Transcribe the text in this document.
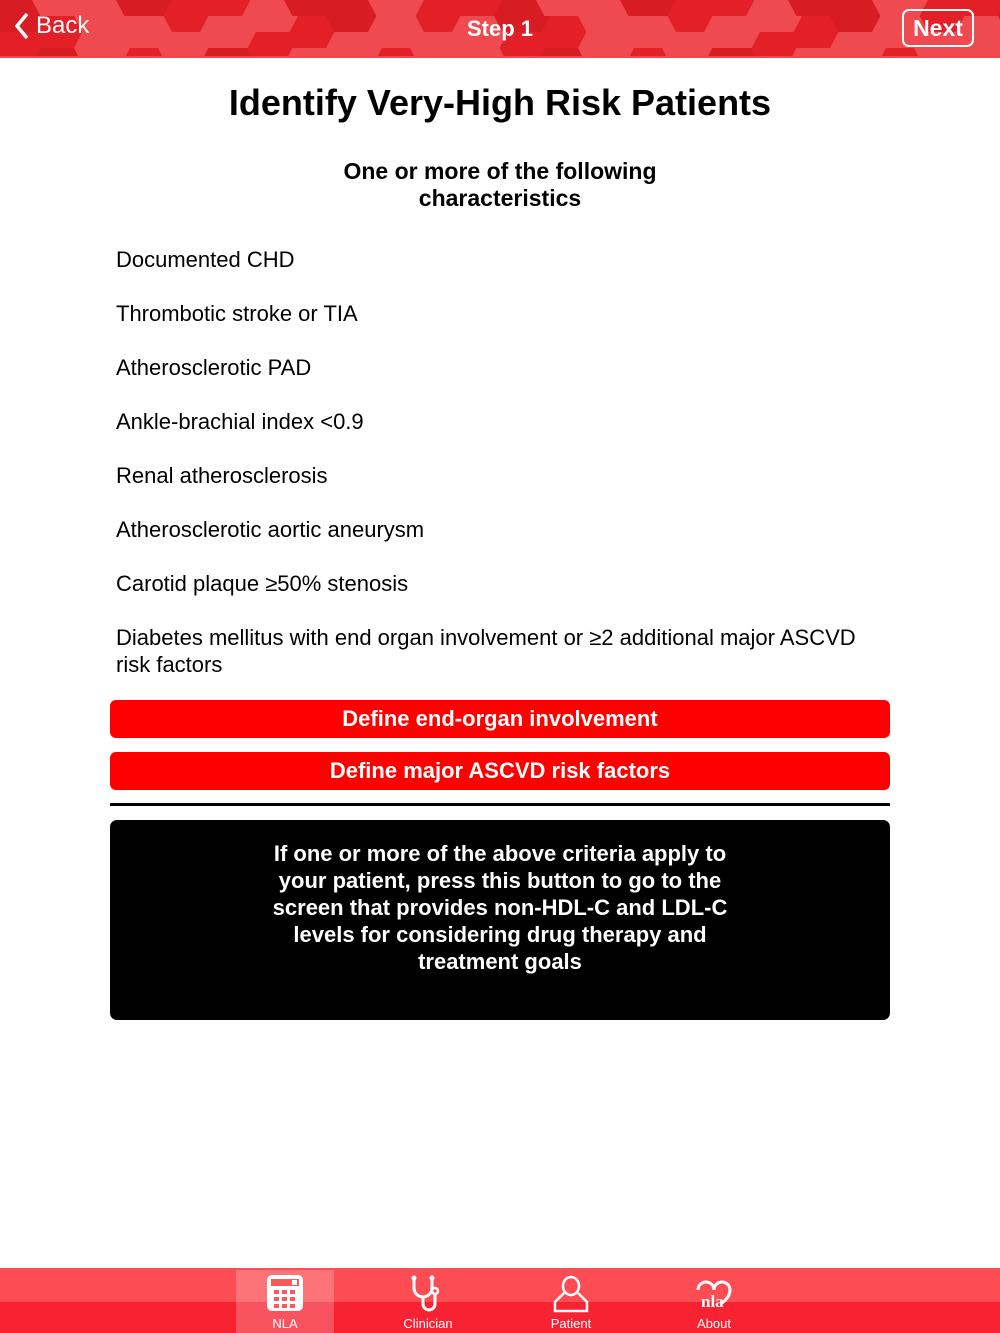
Back	Step 1	Next
Identify Very-High Risk Patients
One or more of the following characteristics
Documented CHD
Thrombotic stroke or TIA
Atherosclerotic PAD
Ankle-brachial index <0.9
Renal atherosclerosis
Atherosclerotic aortic aneurysm
Carotid plaque ≥50% stenosis
Diabetes mellitus with end organ involvement or ≥2 additional major ASCVD risk factors
Define end-organ involvement
Define major ASCVD risk factors
If one or more of the above criteria apply to your patient, press this button to go to the screen that provides non-HDL-C and LDL-C levels for considering drug therapy and treatment goals
NLA	Clinician	Patient
nla
About
